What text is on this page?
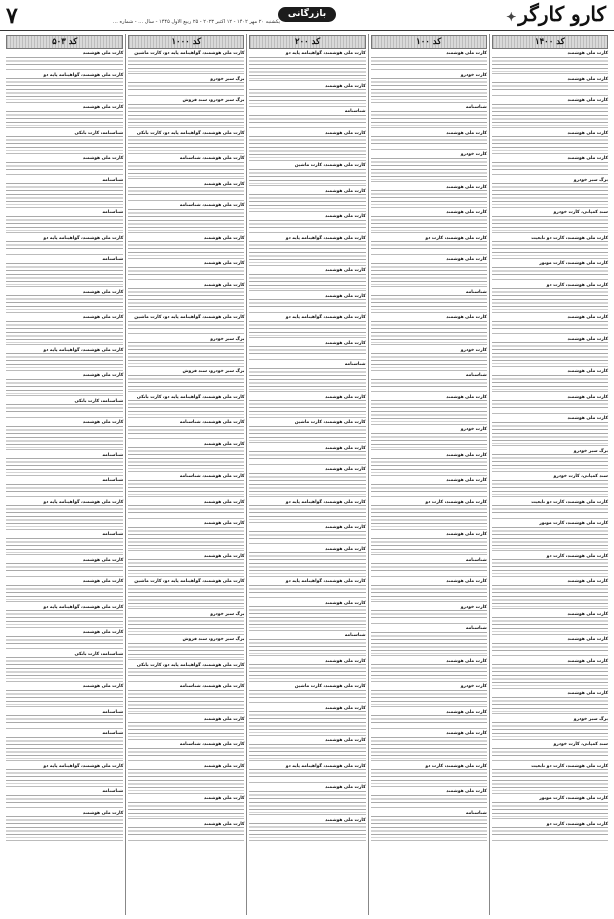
کارو کارگر✦
بازرگانی
یکشنبه ۲۰ مهر ۱۴۰۲ - ۱۲ اکتبر ۲۰۲۳ - ۲۵ ربیع الاول ۱۴۴۵ - سال … - شماره …
۷
کد ۱۴۰۰
کارت ملی هوشمند
کارت ملی هوشمند
کارت ملی هوشمند
کارت ملی هوشمند
کارت ملی هوشمند
برگ سبز خودرو
سند کمپانی، کارت خودرو
کارت ملی هوشمند، کارت دو تابعیت
کارت ملی هوشمند، کارت موتور
کارت ملی هوشمند، کارت دو
کارت ملی هوشمند
کارت ملی هوشمند
کارت ملی هوشمند
کارت ملی هوشمند
کارت ملی هوشمند
برگ سبز خودرو
سند کمپانی، کارت خودرو
کارت ملی هوشمند، کارت دو تابعیت
کارت ملی هوشمند، کارت موتور
کارت ملی هوشمند، کارت دو
کارت ملی هوشمند
کارت ملی هوشمند
کارت ملی هوشمند
کارت ملی هوشمند
کارت ملی هوشمند
برگ سبز خودرو
سند کمپانی، کارت خودرو
کارت ملی هوشمند، کارت دو تابعیت
کارت ملی هوشمند، کارت موتور
کارت ملی هوشمند، کارت دو
کد ۱۰۰
کارت ملی هوشمند
کارت خودرو
شناسنامه
کارت ملی هوشمند
کارت خودرو
کارت ملی هوشمند
کارت ملی هوشمند
کارت ملی هوشمند، کارت دو
کارت ملی هوشمند
شناسنامه
کارت ملی هوشمند
کارت خودرو
شناسنامه
کارت ملی هوشمند
کارت خودرو
کارت ملی هوشمند
کارت ملی هوشمند
کارت ملی هوشمند، کارت دو
کارت ملی هوشمند
شناسنامه
کارت ملی هوشمند
کارت خودرو
شناسنامه
کارت ملی هوشمند
کارت خودرو
کارت ملی هوشمند
کارت ملی هوشمند
کارت ملی هوشمند، کارت دو
کارت ملی هوشمند
شناسنامه
کد ۲۰۰
کارت ملی هوشمند، گواهینامه پایه دو
کارت ملی هوشمند
شناسنامه
کارت ملی هوشمند
کارت ملی هوشمند، کارت ماشین
کارت ملی هوشمند
کارت ملی هوشمند
کارت ملی هوشمند، گواهینامه پایه دو
کارت ملی هوشمند
کارت ملی هوشمند
کارت ملی هوشمند، گواهینامه پایه دو
کارت ملی هوشمند
شناسنامه
کارت ملی هوشمند
کارت ملی هوشمند، کارت ماشین
کارت ملی هوشمند
کارت ملی هوشمند
کارت ملی هوشمند، گواهینامه پایه دو
کارت ملی هوشمند
کارت ملی هوشمند
کارت ملی هوشمند، گواهینامه پایه دو
کارت ملی هوشمند
شناسنامه
کارت ملی هوشمند
کارت ملی هوشمند، کارت ماشین
کارت ملی هوشمند
کارت ملی هوشمند
کارت ملی هوشمند، گواهینامه پایه دو
کارت ملی هوشمند
کارت ملی هوشمند
کد ۱۰۰۰
کارت ملی هوشمند، گواهینامه پایه دو، کارت ماشین
برگ سبز خودرو
برگ سبز خودرو، سند فروش
کارت ملی هوشمند، گواهینامه پایه دو، کارت بانکی
کارت ملی هوشمند، شناسنامه
کارت ملی هوشمند
کارت ملی هوشمند، شناسنامه
کارت ملی هوشمند
کارت ملی هوشمند
کارت ملی هوشمند
کارت ملی هوشمند، گواهینامه پایه دو، کارت ماشین
برگ سبز خودرو
برگ سبز خودرو، سند فروش
کارت ملی هوشمند، گواهینامه پایه دو، کارت بانکی
کارت ملی هوشمند، شناسنامه
کارت ملی هوشمند
کارت ملی هوشمند، شناسنامه
کارت ملی هوشمند
کارت ملی هوشمند
کارت ملی هوشمند
کارت ملی هوشمند، گواهینامه پایه دو، کارت ماشین
برگ سبز خودرو
برگ سبز خودرو، سند فروش
کارت ملی هوشمند، گواهینامه پایه دو، کارت بانکی
کارت ملی هوشمند، شناسنامه
کارت ملی هوشمند
کارت ملی هوشمند، شناسنامه
کارت ملی هوشمند
کارت ملی هوشمند
کارت ملی هوشمند
کد ۵۰۳
کارت ملی هوشمند
کارت ملی هوشمند، گواهینامه پایه دو
کارت ملی هوشمند
شناسنامه، کارت بانکی
کارت ملی هوشمند
شناسنامه
شناسنامه
کارت ملی هوشمند، گواهینامه پایه دو
شناسنامه
کارت ملی هوشمند
کارت ملی هوشمند
کارت ملی هوشمند، گواهینامه پایه دو
کارت ملی هوشمند
شناسنامه، کارت بانکی
کارت ملی هوشمند
شناسنامه
شناسنامه
کارت ملی هوشمند، گواهینامه پایه دو
شناسنامه
کارت ملی هوشمند
کارت ملی هوشمند
کارت ملی هوشمند، گواهینامه پایه دو
کارت ملی هوشمند
شناسنامه، کارت بانکی
کارت ملی هوشمند
شناسنامه
شناسنامه
کارت ملی هوشمند، گواهینامه پایه دو
شناسنامه
کارت ملی هوشمند
